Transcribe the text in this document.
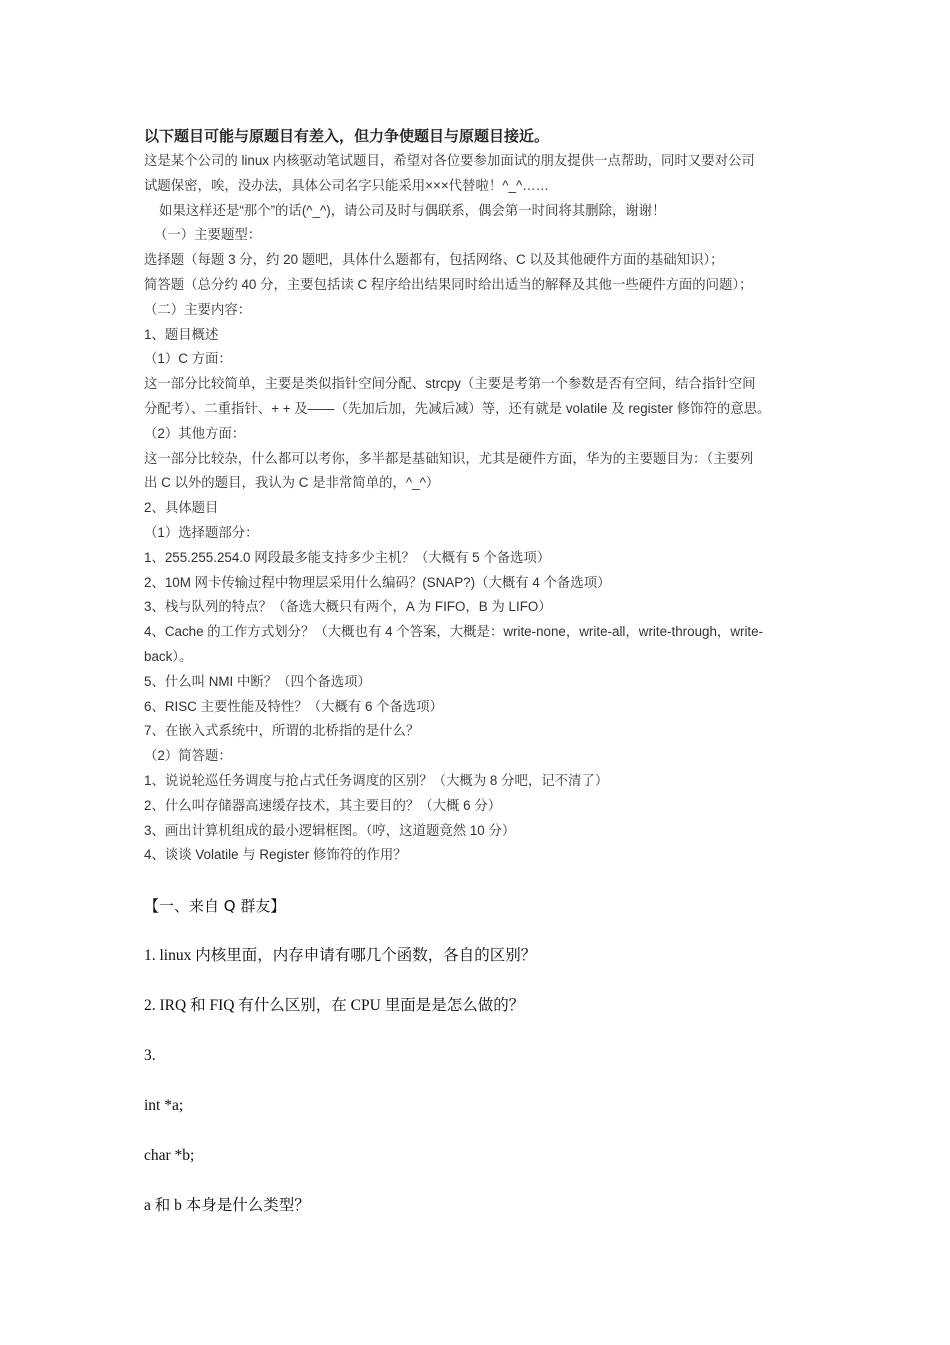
以下题目可能与原题目有差入，但力争使题目与原题目接近。

这是某个公司的 linux 内核驱动笔试题目，希望对各位要参加面试的朋友提供一点帮助，同时又要对公司

试题保密，唉，没办法，具体公司名字只能采用×××代替啦！^_^……

如果这样还是“那个”的话(^_^)，请公司及时与偶联系，偶会第一时间将其删除，谢谢！

（一）主要题型：

选择题（每题 3 分，约 20 题吧，具体什么题都有，包括网络、C 以及其他硬件方面的基础知识）；

简答题（总分约 40 分，主要包括读 C 程序给出结果同时给出适当的解释及其他一些硬件方面的问题）；

（二）主要内容：

1、题目概述

（1）C 方面：

这一部分比较简单，主要是类似指针空间分配、strcpy（主要是考第一个参数是否有空间，结合指针空间

分配考）、二重指针、+ + 及——（先加后加，先减后减）等，还有就是 volatile 及 register 修饰符的意思。

（2）其他方面：

这一部分比较杂，什么都可以考你，多半都是基础知识，尤其是硬件方面，华为的主要题目为：（主要列

出 C 以外的题目，我认为 C 是非常简单的，^_^）

2、具体题目

（1）选择题部分：

1、255.255.254.0 网段最多能支持多少主机？（大概有 5 个备选项）

2、10M 网卡传输过程中物理层采用什么编码？(SNAP?)（大概有 4 个备选项）

3、栈与队列的特点？（备选大概只有两个，A 为 FIFO，B 为 LIFO）

4、Cache 的工作方式划分？（大概也有 4 个答案，大概是：write-none，write-all，write-through，write-

back）。

5、什么叫 NMI 中断？（四个备选项）

6、RISC 主要性能及特性？（大概有 6 个备选项）

7、在嵌入式系统中，所谓的北桥指的是什么？

（2）简答题：

1、说说轮巡任务调度与抢占式任务调度的区别？（大概为 8 分吧，记不清了）

2、什么叫存储器高速缓存技术，其主要目的？（大概 6 分）

3、画出计算机组成的最小逻辑框图。（哼，这道题竟然 10 分）

4、谈谈 Volatile 与 Register 修饰符的作用？

【一、来自 Q 群友】

1. linux 内核里面，内存申请有哪几个函数，各自的区别？

2. IRQ 和 FIQ 有什么区别，在 CPU 里面是是怎么做的？

3.

int *a;

char *b;

a 和 b 本身是什么类型？
